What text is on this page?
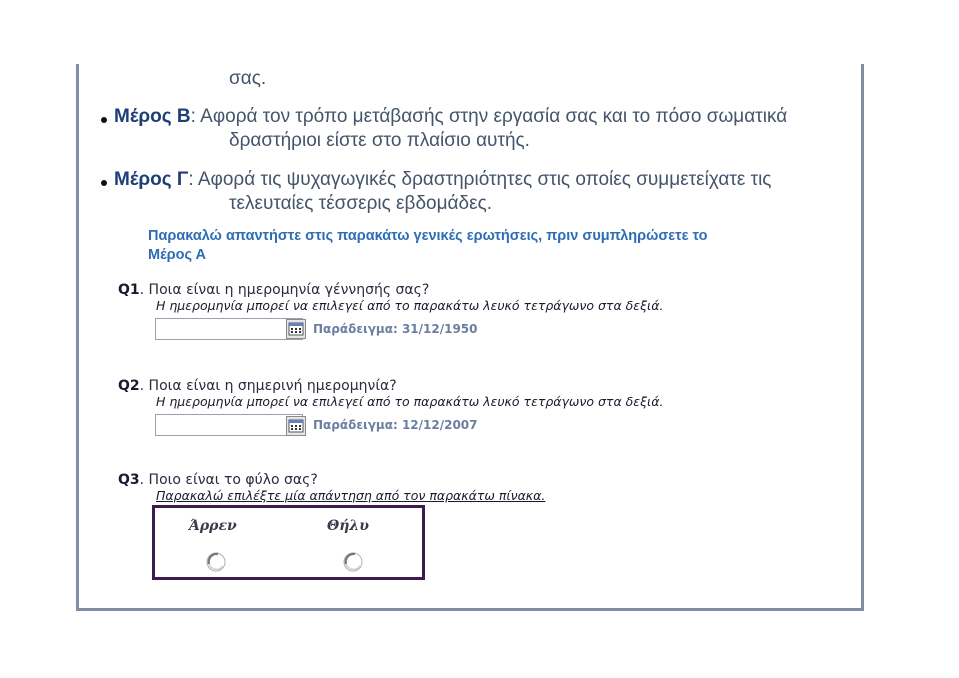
σας.
Μέρος Β: Αφορά τον τρόπο μετάβασής στην εργασία σας και το πόσο σωματικά
δραστήριοι είστε στο πλαίσιο αυτής.
Μέρος Γ: Αφορά τις ψυχαγωγικές δραστηριότητες στις οποίες συμμετείχατε τις
τελευταίες τέσσερις εβδομάδες.
Παρακαλώ απαντήστε στις παρακάτω γενικές ερωτήσεις, πριν συμπληρώσετε το
Μέρος Α
Q1. Ποια είναι η ημερομηνία γέννησής σας?
Η ημερομηνία μπορεί να επιλεγεί από το παρακάτω λευκό τετράγωνο στα δεξιά.
Παράδειγμα: 31/12/1950
Q2. Ποια είναι η σημερινή ημερομηνία?
Η ημερομηνία μπορεί να επιλεγεί από το παρακάτω λευκό τετράγωνο στα δεξιά.
Παράδειγμα: 12/12/2007
Q3. Ποιο είναι το φύλο σας?
Παρακαλώ επιλέξτε μία απάντηση από τον παρακάτω πίνακα.
Άρρεν	Θήλυ
